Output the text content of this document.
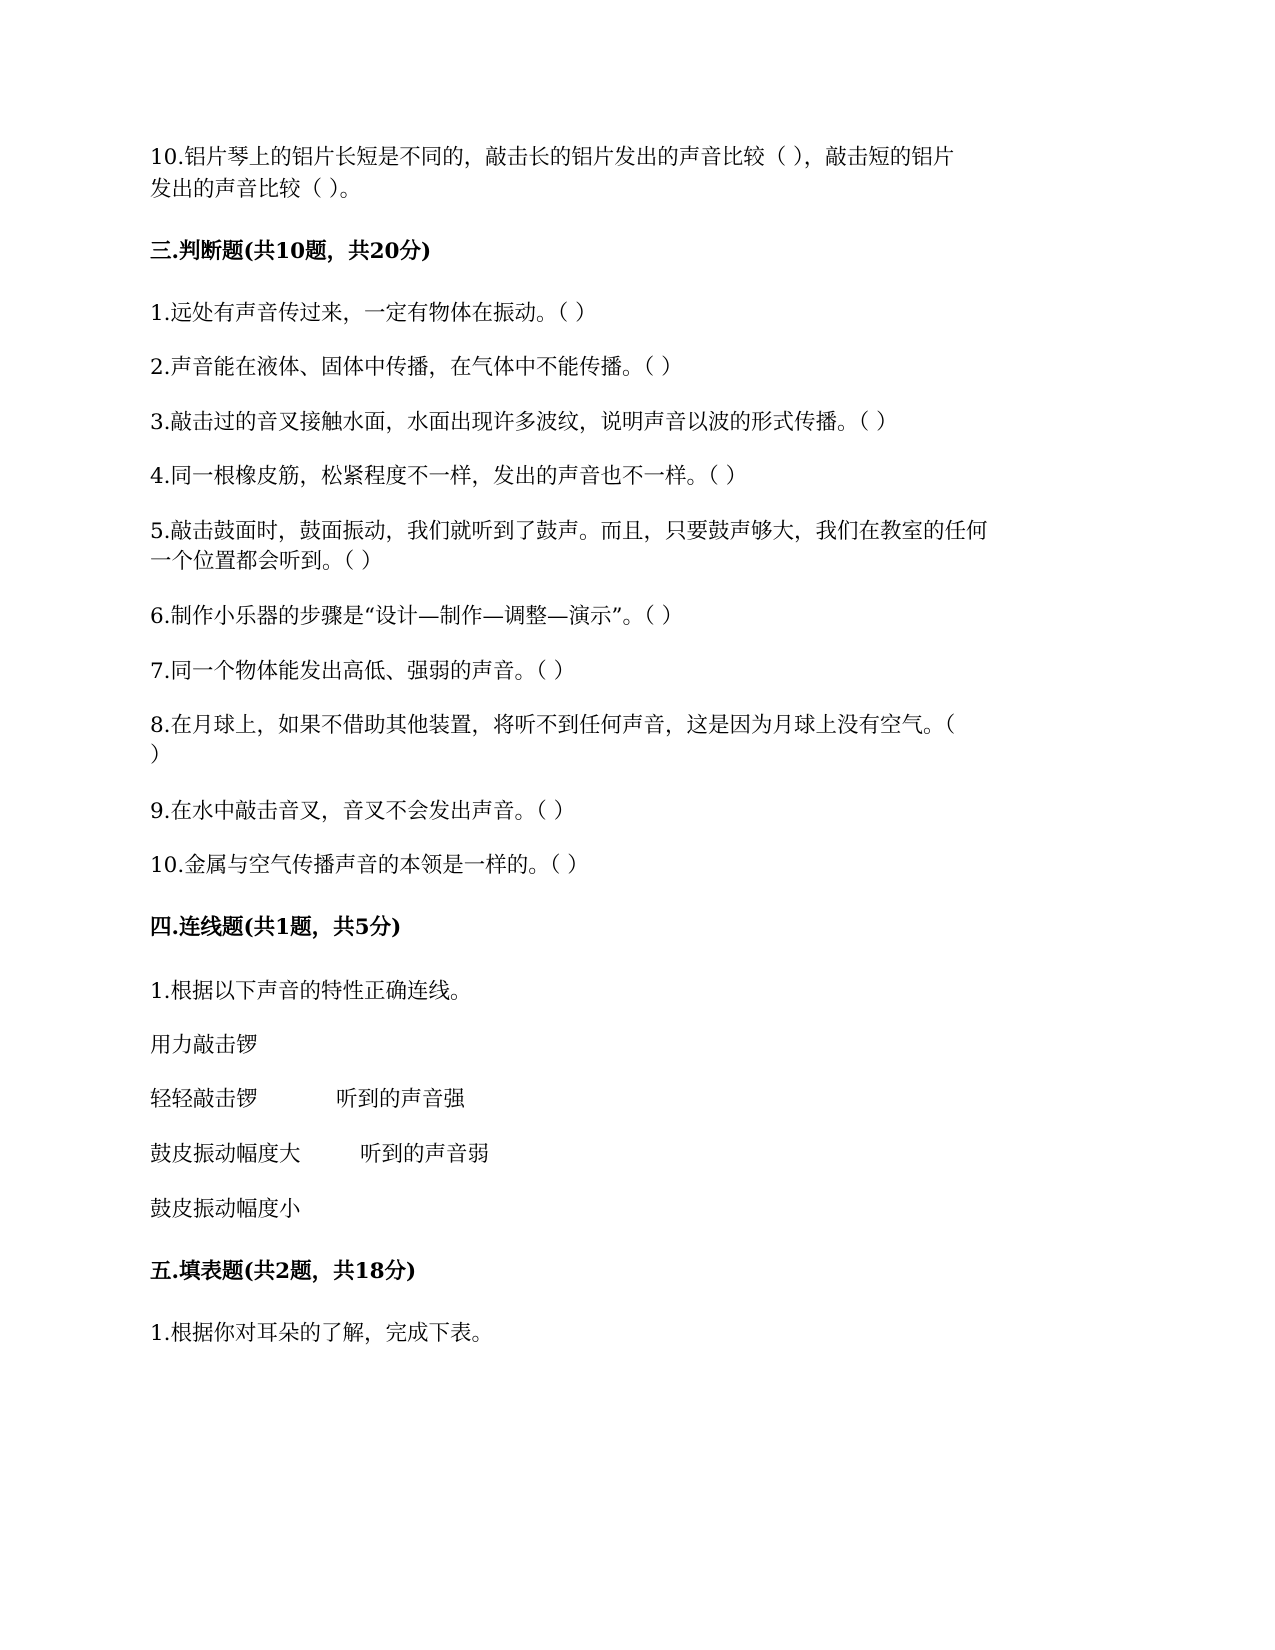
10.铝片琴上的铝片长短是不同的，敲击长的铝片发出的声音比较（ ），敲击短的铝片
发出的声音比较（ ）。
三.判断题(共10题，共20分)
1.远处有声音传过来，一定有物体在振动。（ ）
2.声音能在液体、固体中传播，在气体中不能传播。（ ）
3.敲击过的音叉接触水面，水面出现许多波纹，说明声音以波的形式传播。（ ）
4.同一根橡皮筋，松紧程度不一样，发出的声音也不一样。（ ）
5.敲击鼓面时，鼓面振动，我们就听到了鼓声。而且，只要鼓声够大，我们在教室的任何
一个位置都会听到。（ ）
6.制作小乐器的步骤是“设计—制作—调整—演示”。（ ）
7.同一个物体能发出高低、强弱的声音。（ ）
8.在月球上，如果不借助其他装置，将听不到任何声音，这是因为月球上没有空气。（
）
9.在水中敲击音叉，音叉不会发出声音。（ ）
10.金属与空气传播声音的本领是一样的。（ ）
四.连线题(共1题，共5分)
1.根据以下声音的特性正确连线。
用力敲击锣
轻轻敲击锣	听到的声音强
鼓皮振动幅度大	听到的声音弱
鼓皮振动幅度小
五.填表题(共2题，共18分)
1.根据你对耳朵的了解，完成下表。
